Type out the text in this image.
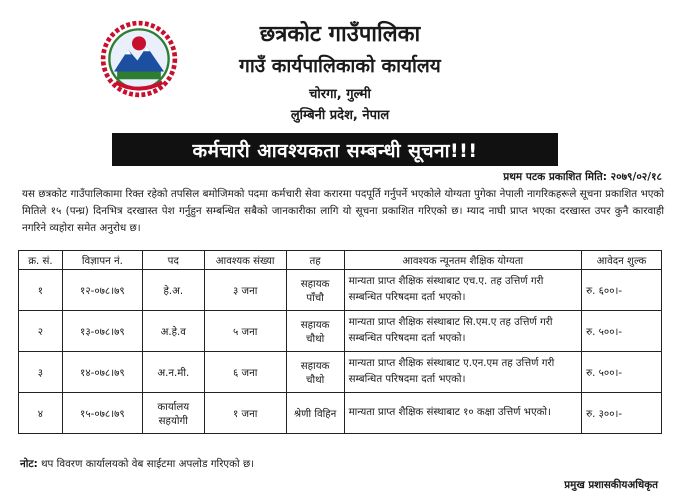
छत्रकोट गाउँपालिका
गाउँ कार्यपालिकाको कार्यालय
चोरगा, गुल्मी
लुम्बिनी प्रदेश, नेपाल
कर्मचारी आवश्यकता सम्बन्धी सूचना!!!
प्रथम पटक प्रकाशित मिति: २०७९/०२/१८
यस छत्रकोट गाउँपालिकामा रिक्त रहेको तपसिल बमोजिमको पदमा कर्मचारी सेवा करारमा पदपूर्ति गर्नुपर्ने भएकोले योग्यता पुगेका नेपाली नागरिकहरूले सूचना प्रकाशित भएको मितिले १५ (पन्ध्र) दिनभित्र दरखास्त पेश गर्नुहुन सम्बन्धित सबैको जानकारीका लागि यो सूचना प्रकाशित गरिएको छ। म्याद नाघी प्राप्त भएका दरखास्त उपर कुनै कारवाही नगरिने व्यहोरा समेत अनुरोध छ।
क्र. सं.	विज्ञापन नं.	पद	आवश्यक संख्या	तह	आवश्यक न्यूनतम शैक्षिक योग्यता	आवेदन शुल्क
१	१२-०७८।७९	हे.अ.	३ जना	सहायक पाँचौ	मान्यता प्राप्त शैक्षिक संस्थाबाट एच.ए. तह उत्तिर्ण गरी सम्बन्धित परिषदमा दर्ता भएको।	रु. ६००।-
२	१३-०७८।७९	अ.हे.व	५ जना	सहायक चौथो	मान्यता प्राप्त शैक्षिक संस्थाबाट सि.एम.ए तह उत्तिर्ण गरी सम्बन्धित परिषदमा दर्ता भएको।	रु. ५००।-
३	१४-०७८।७९	अ.न.मी.	६ जना	सहायक चौथो	मान्यता प्राप्त शैक्षिक संस्थाबाट ए.एन.एम तह उत्तिर्ण गरी सम्बन्धित परिषदमा दर्ता भएको।	रु. ५००।-
४	१५-०७८।७९	कार्यालय सहयोगी	१ जना	श्रेणी विहिन	मान्यता प्राप्त शैक्षिक संस्थाबाट १० कक्षा उत्तिर्ण भएको।	रु. ३००।-
नोट: थप विवरण कार्यालयको वेब साईटमा अपलोड गरिएको छ।
प्रमुख प्रशासकीयअधिकृत
